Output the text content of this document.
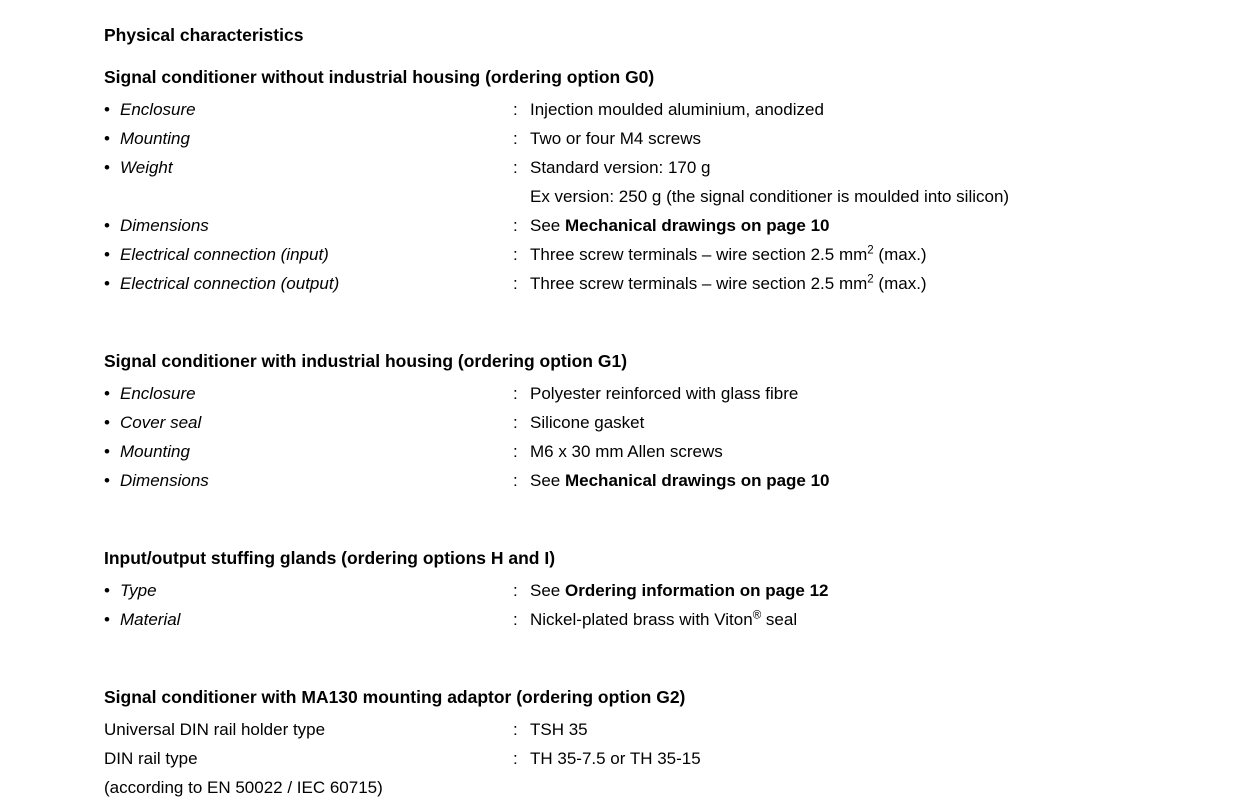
Physical characteristics
Signal conditioner without industrial housing (ordering option G0)
• Enclosure	: Injection moulded aluminium, anodized
• Mounting	: Two or four M4 screws
• Weight	: Standard version: 170 g
Ex version: 250 g (the signal conditioner is moulded into silicon)
• Dimensions	: See Mechanical drawings on page 10
• Electrical connection (input)	: Three screw terminals – wire section 2.5 $mm^2$ (max.)
• Electrical connection (output)	: Three screw terminals – wire section 2.5 $mm^2$ (max.)
Signal conditioner with industrial housing (ordering option G1)
• Enclosure	: Polyester reinforced with glass fibre
• Cover seal	: Silicone gasket
• Mounting	: M6 x 30 mm Allen screws
• Dimensions	: See Mechanical drawings on page 10
Input/output stuffing glands (ordering options H and I)
• Type	: See Ordering information on page 12
• Material	: Nickel-plated brass with Viton® seal
Signal conditioner with MA130 mounting adaptor (ordering option G2)
Universal DIN rail holder type	: TSH 35
DIN rail type	: TH 35-7.5 or TH 35-15
(according to EN 50022 / IEC 60715)
